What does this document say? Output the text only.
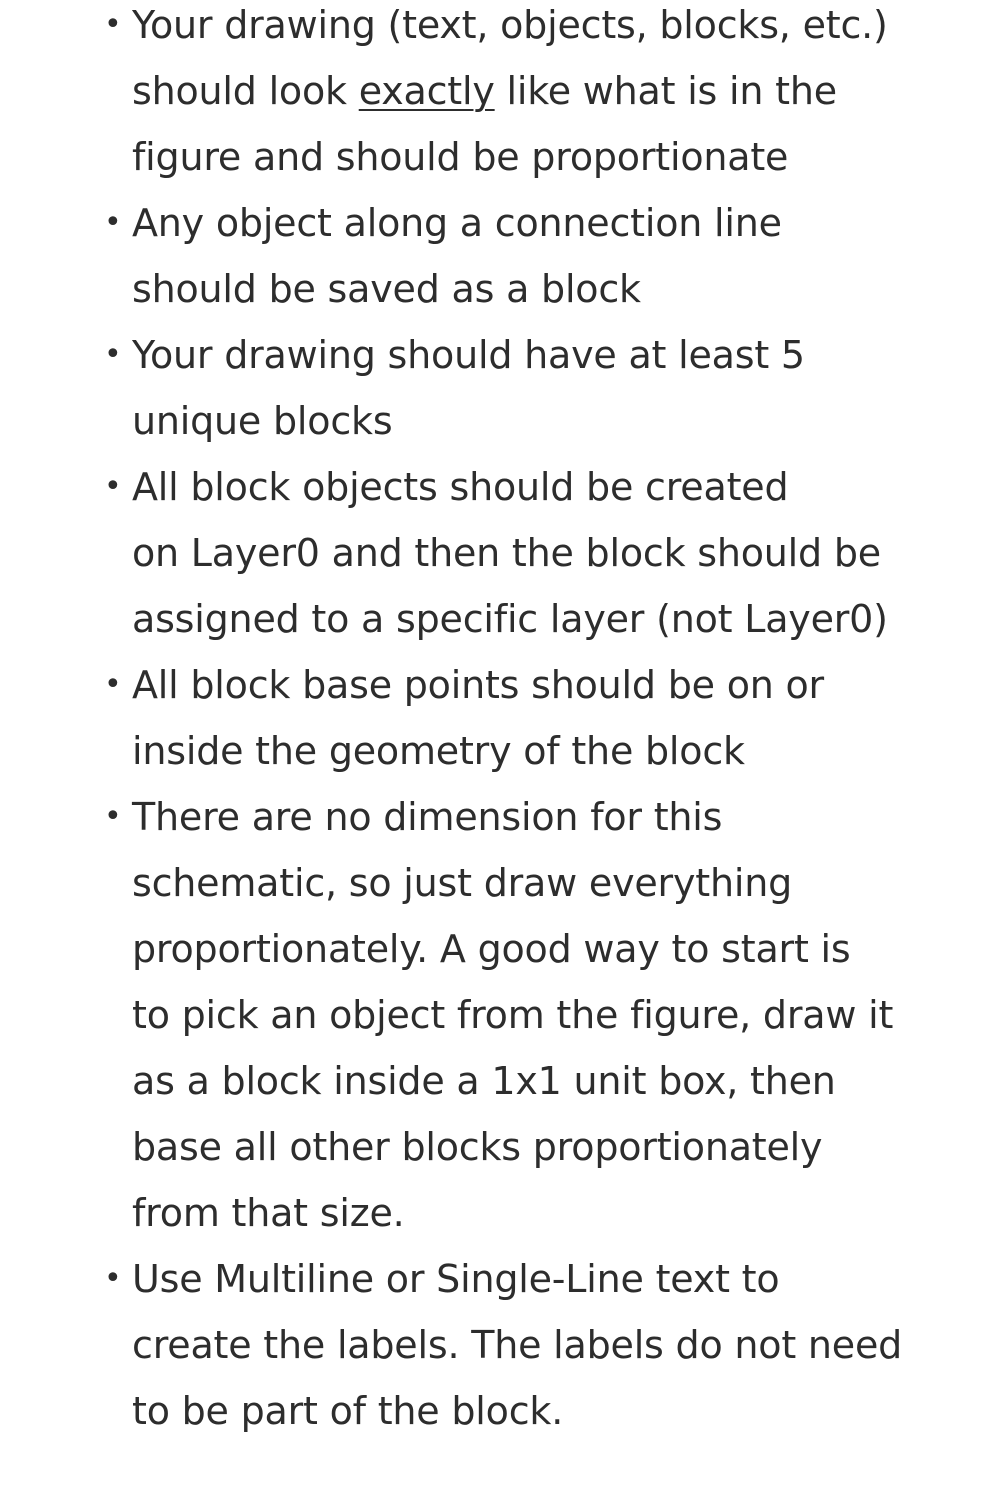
• Your drawing (text, objects, blocks, etc.)
should look exactly like what is in the
figure and should be proportionate
• Any object along a connection line
should be saved as a block
• Your drawing should have at least 5
unique blocks
• All block objects should be created
on Layer0 and then the block should be
assigned to a specific layer (not Layer0)
• All block base points should be on or
inside the geometry of the block
• There are no dimension for this
schematic, so just draw everything
proportionately. A good way to start is
to pick an object from the figure, draw it
as a block inside a 1x1 unit box, then
base all other blocks proportionately
from that size.
• Use Multiline or Single-Line text to
create the labels. The labels do not need
to be part of the block.
